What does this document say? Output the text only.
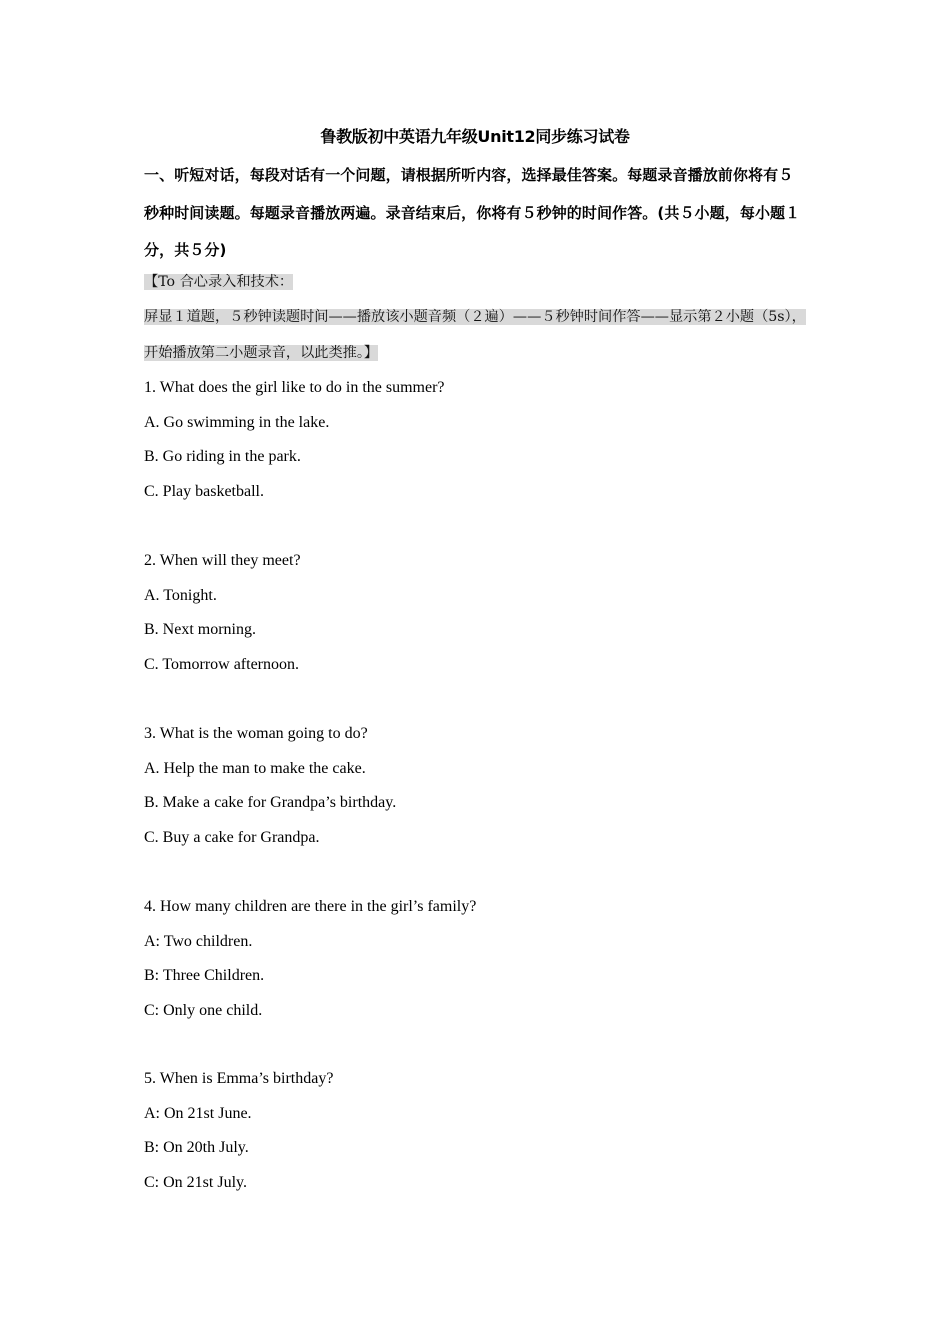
鲁教版初中英语九年级Unit12同步练习试卷
一、听短对话，每段对话有一个问题，请根据所听内容，选择最佳答案。每题录音播放前你将有５秒种时间读题。每题录音播放两遍。录音结束后，你将有５秒钟的时间作答。(共５小题，每小题１分，共５分)
【To 合心录入和技术：
屏显１道题，５秒钟读题时间——播放该小题音频（２遍）——５秒钟时间作答——显示第２小题（5s），开始播放第二小题录音，以此类推。】
1. What does the girl like to do in the summer?
A. Go swimming in the lake.
B. Go riding in the park.
C. Play basketball.
2. When will they meet?
A. Tonight.
B. Next morning.
C. Tomorrow afternoon.
3. What is the woman going to do?
A. Help the man to make the cake.
B. Make a cake for Grandpa’s birthday.
C. Buy a cake for Grandpa.
4. How many children are there in the girl’s family?
A: Two children.
B: Three Children.
C: Only one child.
5. When is Emma’s birthday?
A: On 21st June.
B: On 20th July.
C: On 21st July.
